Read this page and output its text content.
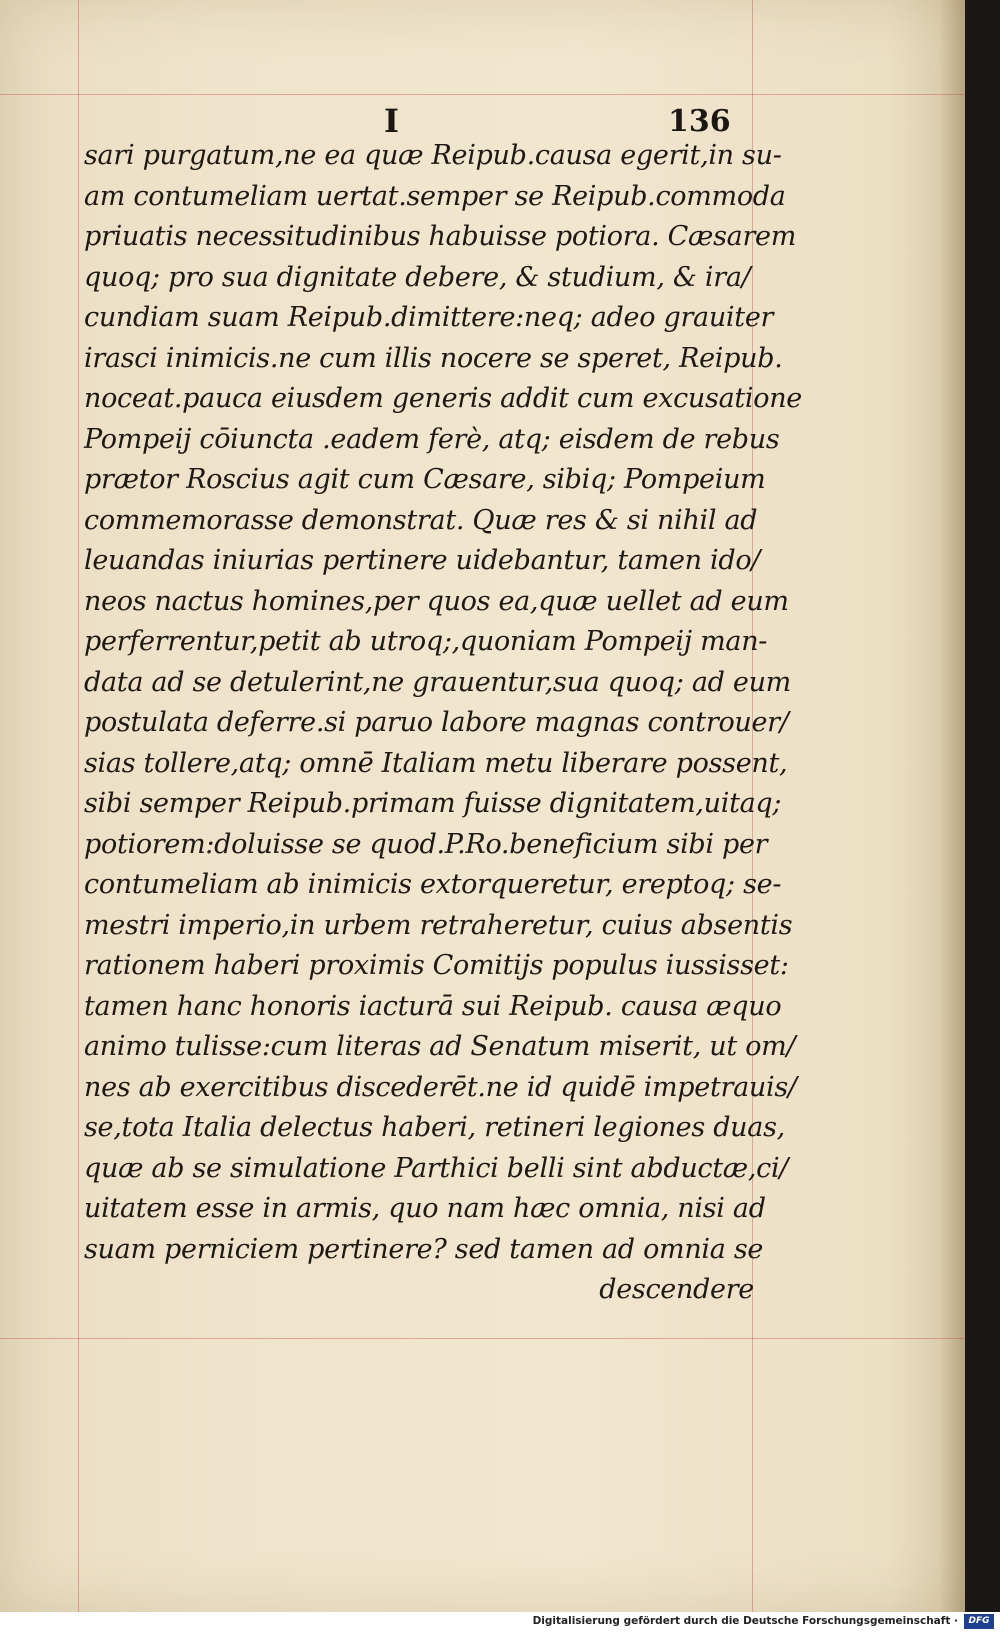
I	136
sari purgatum,ne ea quæ Reipub.causa egerit,in su-
am contumeliam uertat.semper se Reipub.commoda
priuatis necessitudinibus habuisse potiora. Cæsarem
quoq; pro sua dignitate debere, & studium, & ira/
cundiam suam Reipub.dimittere:neq; adeo grauiter
irasci inimicis.ne cum illis nocere se speret, Reipub.
noceat.pauca eiusdem generis addit cum excusatione
Pompeij cōiuncta .eadem ferè, atq; eisdem de rebus
prætor Roscius agit cum Cæsare, sibiq; Pompeium
commemorasse demonstrat. Quæ res & si nihil ad
leuandas iniurias pertinere uidebantur, tamen ido/
neos nactus homines,per quos ea,quæ uellet ad eum
perferrentur,petit ab utroq;,quoniam Pompeij man-
data ad se detulerint,ne grauentur,sua quoq; ad eum
postulata deferre.si paruo labore magnas controuer/
sias tollere,atq; omnē Italiam metu liberare possent,
sibi semper Reipub.primam fuisse dignitatem,uitaq;
potiorem:doluisse se quod.P.Ro.beneficium sibi per
contumeliam ab inimicis extorqueretur, ereptoq; se-
mestri imperio,in urbem retraheretur, cuius absentis
rationem haberi proximis Comitijs populus iussisset:
tamen hanc honoris iacturā sui Reipub. causa æquo
animo tulisse:cum literas ad Senatum miserit, ut om/
nes ab exercitibus discederēt.ne id quidē impetrauis/
se,tota Italia delectus haberi, retineri legiones duas,
quæ ab se simulatione Parthici belli sint abductæ,ci/
uitatem esse in armis, quo nam hæc omnia, nisi ad
suam perniciem pertinere? sed tamen ad omnia se
descendere
Digitalisierung gefördert durch die Deutsche Forschungsgemeinschaft ·	DFG
